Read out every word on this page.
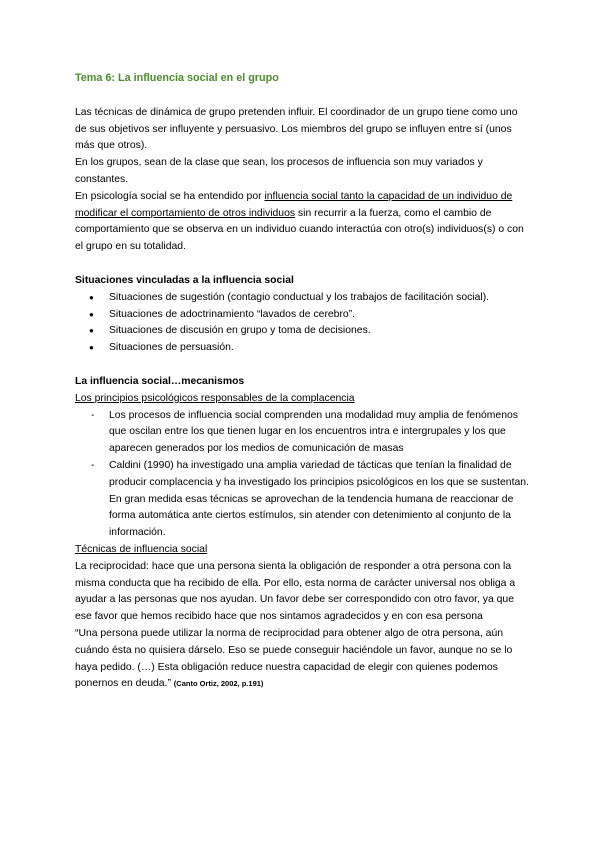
Tema 6: La influencia social en el grupo

Las técnicas de dinámica de grupo pretenden influir. El coordinador de un grupo tiene como uno de sus objetivos ser influyente y persuasivo. Los miembros del grupo se influyen entre sí (unos más que otros).

En los grupos, sean de la clase que sean, los procesos de influencia son muy variados y constantes.

En psicología social se ha entendido por influencia social tanto la capacidad de un individuo de modificar el comportamiento de otros individuos sin recurrir a la fuerza, como el cambio de comportamiento que se observa en un individuo cuando interactúa con otro(s) individuos(s) o con el grupo en su totalidad.

Situaciones vinculadas a la influencia social

● Situaciones de sugestión (contagio conductual y los trabajos de facilitación social).
● Situaciones de adoctrinamiento “lavados de cerebro”.
● Situaciones de discusión en grupo y toma de decisiones.
● Situaciones de persuasión.

La influencia social…mecanismos

Los principios psicológicos responsables de la complacencia

- Los procesos de influencia social comprenden una modalidad muy amplia de fenómenos que oscilan entre los que tienen lugar en los encuentros intra e intergrupales y los que aparecen generados por los medios de comunicación de masas
- Caldini (1990) ha investigado una amplia variedad de tácticas que tenían la finalidad de producir complacencia y ha investigado los principios psicológicos en los que se sustentan. En gran medida esas técnicas se aprovechan de la tendencia humana de reaccionar de forma automática ante ciertos estímulos, sin atender con detenimiento al conjunto de la información.

Técnicas de influencia social

La reciprocidad: hace que una persona sienta la obligación de responder a otra persona con la misma conducta que ha recibido de ella. Por ello, esta norma de carácter universal nos obliga a ayudar a las personas que nos ayudan. Un favor debe ser correspondido con otro favor, ya que ese favor que hemos recibido hace que nos sintamos agradecidos y en con esa persona

“Una persona puede utilizar la norma de reciprocidad para obtener algo de otra persona, aún cuándo ésta no quisiera dárselo. Eso se puede conseguir haciéndole un favor, aunque no se lo haya pedido. (…) Esta obligación reduce nuestra capacidad de elegir con quienes podemos ponernos en deuda.” (Canto Ortiz, 2002, p.191)
